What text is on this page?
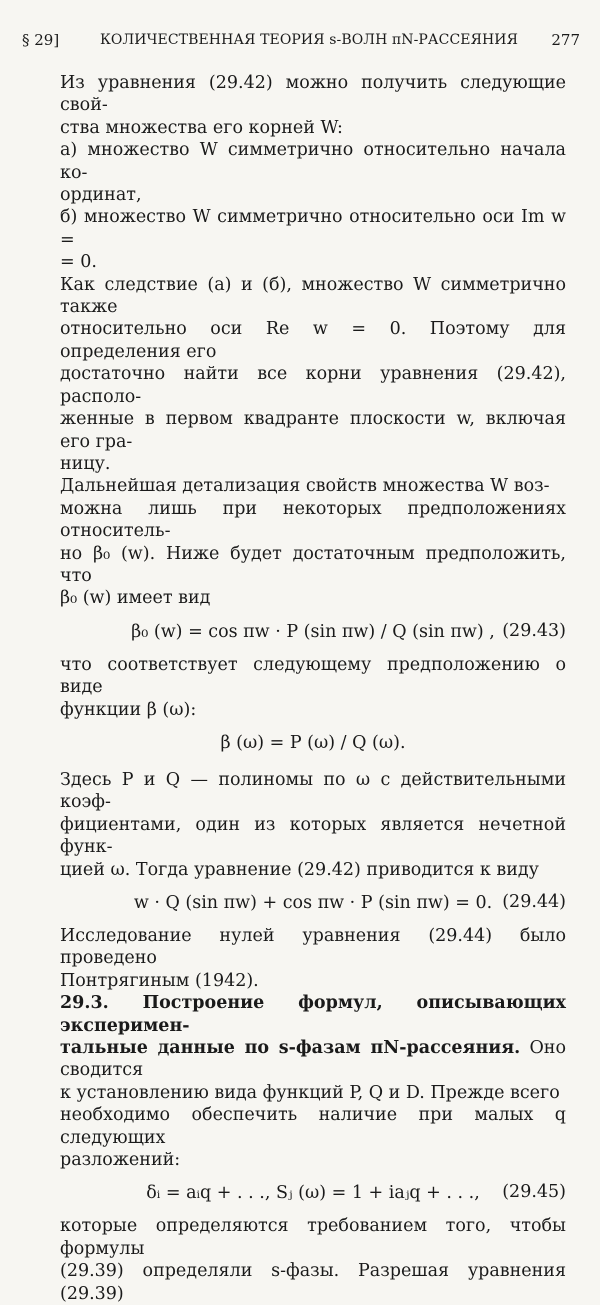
§ 29]	КОЛИЧЕСТВЕННАЯ ТЕОРИЯ s-ВОЛН πN-РАССЕЯНИЯ 277

Из уравнения (29.42) можно получить следующие свой-

ства множества его корней W:

а) множество W симметрично относительно начала ко-

ординат,

б) множество W симметрично относительно оси Im w =

= 0.

Как следствие (а) и (б), множество W симметрично также

относительно оси Re w = 0. Поэтому для определения его

достаточно найти все корни уравнения (29.42), располо-

женные в первом квадранте плоскости w, включая его гра-

ницу.

Дальнейшая детализация свойств множества W воз-

можна лишь при некоторых предположениях относитель-

но β₀ (w). Ниже будет достаточным предположить, что

β₀ (w) имеет вид

β₀ (w) = cos πw · P (sin πw) / Q (sin πw) , (29.43)

что соответствует следующему предположению о виде

функции β (ω):

β (ω) = P (ω) / Q (ω).

Здесь P и Q — полиномы по ω с действительными коэф-

фициентами, один из которых является нечетной функ-

цией ω. Тогда уравнение (29.42) приводится к виду

w · Q (sin πw) + cos πw · P (sin πw) = 0. (29.44)

Исследование нулей уравнения (29.44) было проведено

Понтрягиным (1942).

29.3. Построение формул, описывающих эксперимен-

тальные данные по s-фазам πN-рассеяния. Оно сводится

к установлению вида функций P, Q и D. Прежде всего

необходимо обеспечить наличие при малых q следующих

разложений:

δᵢ = aᵢq + . . ., Sⱼ (ω) = 1 + iaⱼq + . . .,	(29.45)

которые определяются требованием того, чтобы формулы

(29.39) определяли s-фазы. Разрешая уравнения (29.39)
